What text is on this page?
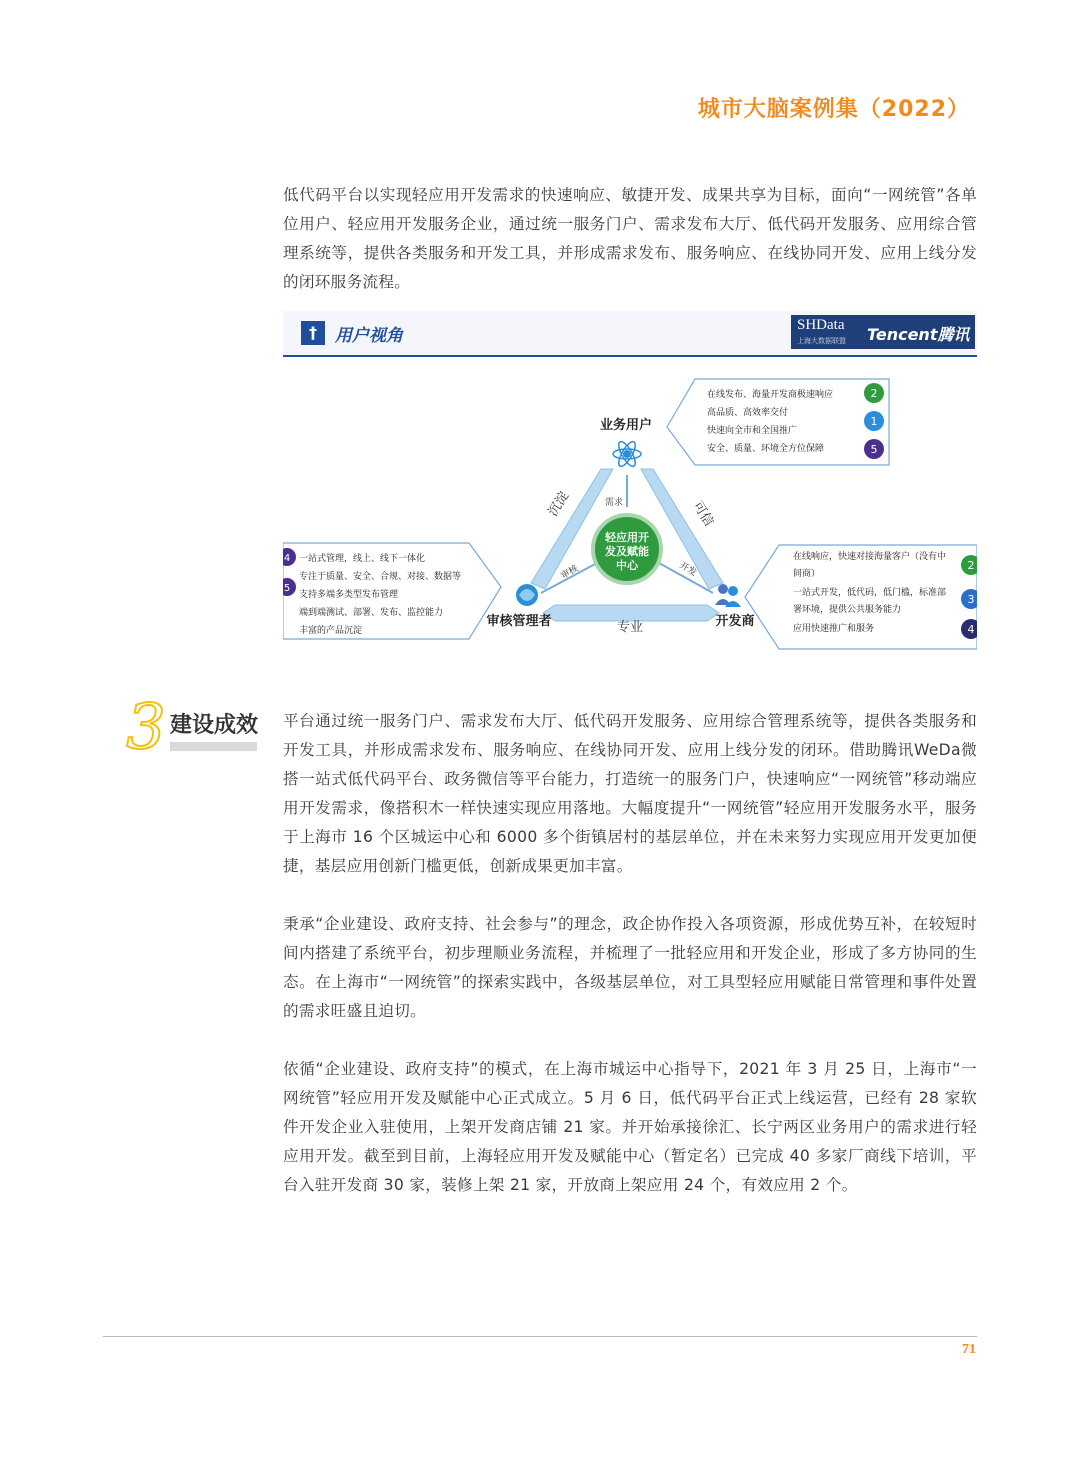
城市大脑案例集（2022）

低代码平台以实现轻应用开发需求的快速响应、敏捷开发、成果共享为目标，面向“一网统管”各单位用户、轻应用开发服务企业，通过统一服务门户、需求发布大厅、低代码开发服务、应用综合管理系统等，提供各类服务和开发工具，并形成需求发布、服务响应、在线协同开发、应用上线分发的闭环服务流程。

†	用户视角
SHData
上海大数据联盟 Tencent腾讯
沉淀	可信
专业
需求
审核	开发
轻应用开
发及赋能
中心
业务用户
审核管理者	开发商
在线发布、海量开发商极速响应
高品质、高效率交付
快速向全市和全国推广
安全、质量、环境全方位保障
2
1
5
一站式管理，线上、线下一体化
专注于质量、安全、合规、对接、数据等
支持多端多类型发布管理
端到端测试、部署、发布、监控能力
丰富的产品沉淀
4
5
在线响应，快速对接海量客户（没有中
间商）
一站式开发，低代码，低门槛，标准部
署环境，提供公共服务能力
应用快速推广和服务
2
3
4
3 建设成效 平台通过统一服务门户、需求发布大厅、低代码开发服务、应用综合管理系统等，提供各类服务和开发工具，并形成需求发布、服务响应、在线协同开发、应用上线分发的闭环。借助腾讯WeDa微搭一站式低代码平台、政务微信等平台能力，打造统一的服务门户，快速响应“一网统管”移动端应用开发需求，像搭积木一样快速实现应用落地。大幅度提升“一网统管”轻应用开发服务水平，服务于上海市 16 个区城运中心和 6000 多个街镇居村的基层单位，并在未来努力实现应用开发更加便捷，基层应用创新门槛更低，创新成果更加丰富。

秉承“企业建设、政府支持、社会参与”的理念，政企协作投入各项资源，形成优势互补，在较短时间内搭建了系统平台，初步理顺业务流程，并梳理了一批轻应用和开发企业，形成了多方协同的生态。在上海市“一网统管”的探索实践中，各级基层单位，对工具型轻应用赋能日常管理和事件处置的需求旺盛且迫切。

依循“企业建设、政府支持”的模式，在上海市城运中心指导下，2021 年 3 月 25 日，上海市“一网统管”轻应用开发及赋能中心正式成立。5 月 6 日，低代码平台正式上线运营，已经有 28 家软件开发企业入驻使用，上架开发商店铺 21 家。并开始承接徐汇、长宁两区业务用户的需求进行轻应用开发。截至到目前，上海轻应用开发及赋能中心（暂定名）已完成 40 多家厂商线下培训，平台入驻开发商 30 家，装修上架 21 家，开放商上架应用 24 个，有效应用 2 个。

71
